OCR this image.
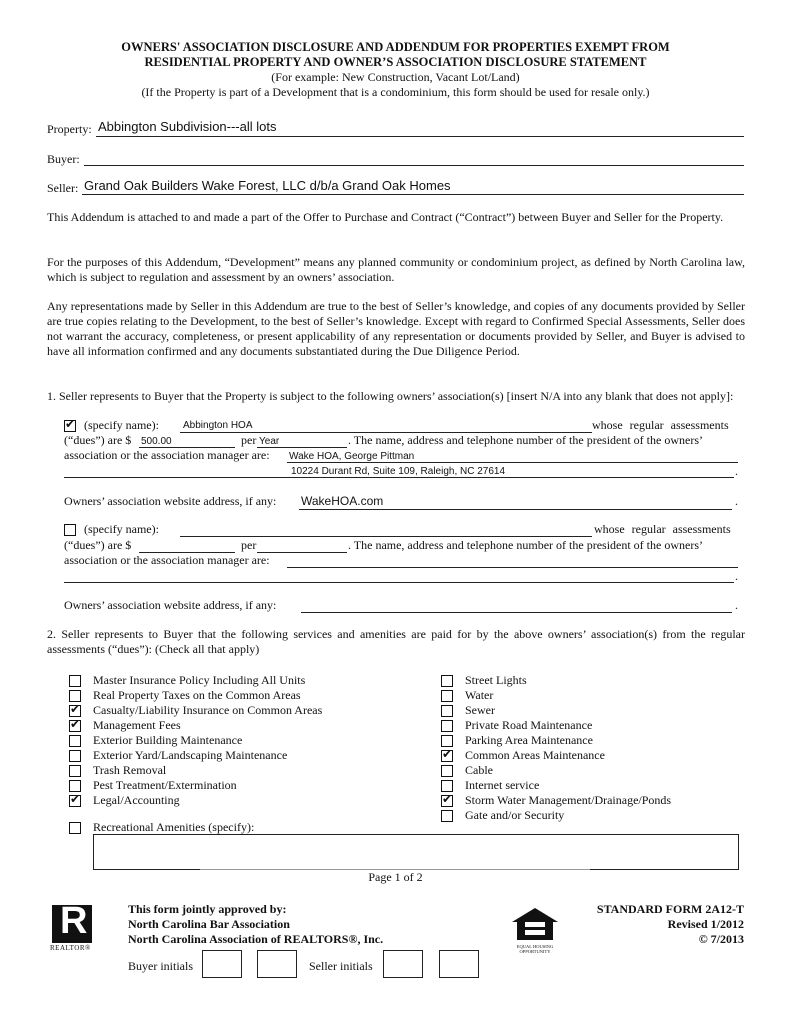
OWNERS' ASSOCIATION DISCLOSURE AND ADDENDUM FOR PROPERTIES EXEMPT FROM
RESIDENTIAL PROPERTY AND OWNER’S ASSOCIATION DISCLOSURE STATEMENT
(For example: New Construction, Vacant Lot/Land)
(If the Property is part of a Development that is a condominium, this form should be used for resale only.)
Property: Abbington Subdivision---all lots
Buyer:
Seller: Grand Oak Builders Wake Forest, LLC d/b/a Grand Oak Homes
This Addendum is attached to and made a part of the Offer to Purchase and Contract (“Contract”) between Buyer and Seller for the Property.
For the purposes of this Addendum, “Development” means any planned community or condominium project, as defined by North Carolina law, which is subject to regulation and assessment by an owners’ association.
Any representations made by Seller in this Addendum are true to the best of Seller’s knowledge, and copies of any documents provided by Seller are true copies relating to the Development, to the best of Seller’s knowledge. Except with regard to Confirmed Special Assessments, Seller does not warrant the accuracy, completeness, or present applicability of any representation or documents provided by Seller, and Buyer is advised to have all information confirmed and any documents substantiated during the Due Diligence Period.
1. Seller represents to Buyer that the Property is subject to the following owners’ association(s) [insert N/A into any blank that does not apply]:
✔
(specify name): Abbington HOA	whose regular assessments
(“dues”) are $ 500.00	per Year	. The name, address and telephone number of the president of the owners’
association or the association manager are: Wake HOA, George Pittman
10224 Durant Rd, Suite 109, Raleigh, NC 27614	.
Owners’ association website address, if any: WakeHOA.com	.
(specify name):	whose regular assessments
(“dues”) are $	per	. The name, address and telephone number of the president of the owners’
association or the association manager are:
.
Owners’ association website address, if any:	.
2. Seller represents to Buyer that the following services and amenities are paid for by the above owners’ association(s) from the regular assessments (“dues”): (Check all that apply)
Master Insurance Policy Including All Units
Real Property Taxes on the Common Areas
✔
Casualty/Liability Insurance on Common Areas
✔
Management Fees
Exterior Building Maintenance
Exterior Yard/Landscaping Maintenance
Trash Removal
Pest Treatment/Extermination
✔
Legal/Accounting
Street Lights
Water
Sewer
Private Road Maintenance
Parking Area Maintenance
✔
Common Areas Maintenance
Cable
Internet service
✔
Storm Water Management/Drainage/Ponds
Gate and/or Security
Recreational Amenities (specify):
Page 1 of 2
R
REALTOR®
This form jointly approved by:
North Carolina Bar Association
North Carolina Association of REALTORS®, Inc.
Buyer initials	Seller initials
EQUAL HOUSING OPPORTUNITY
STANDARD FORM 2A12-T
Revised 1/2012
© 7/2013
